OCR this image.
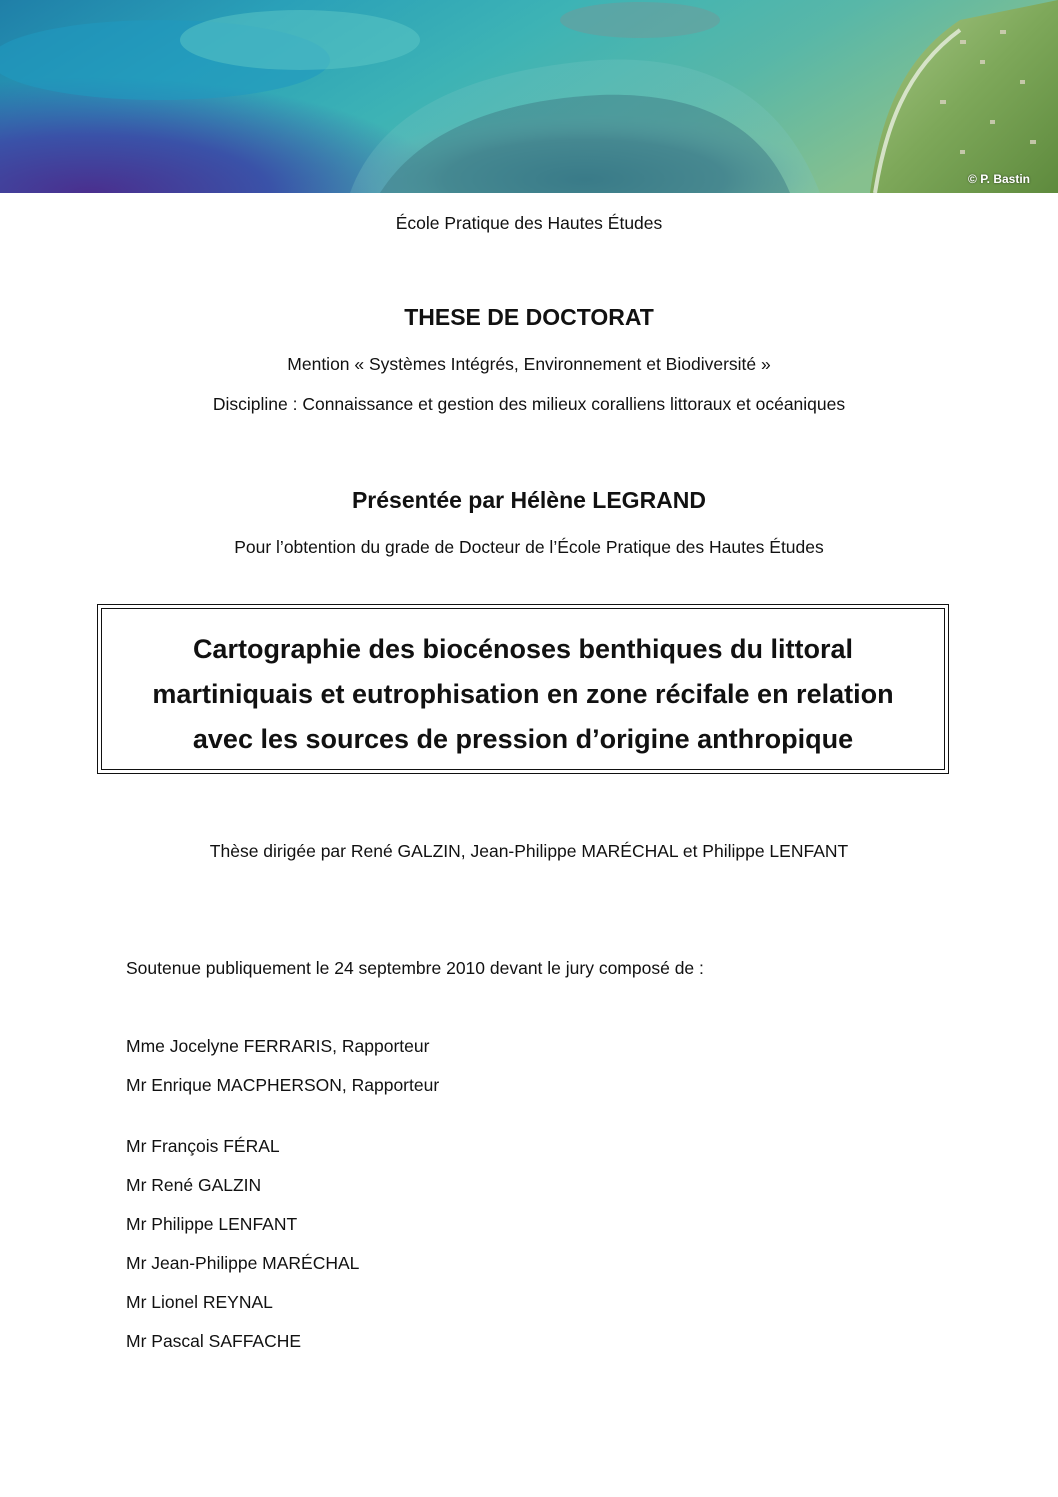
© P. Bastin
École Pratique des Hautes Études
THESE DE DOCTORAT
Mention « Systèmes Intégrés, Environnement et Biodiversité »
Discipline : Connaissance et gestion des milieux coralliens littoraux et océaniques
Présentée par Hélène LEGRAND
Pour l’obtention du grade de Docteur de l’École Pratique des Hautes Études
Cartographie des biocénoses benthiques du littoral
martiniquais et eutrophisation en zone récifale en relation
avec les sources de pression d’origine anthropique
Thèse dirigée par René GALZIN, Jean-Philippe MARÉCHAL et Philippe LENFANT
Soutenue publiquement le 24 septembre 2010 devant le jury composé de :
Mme Jocelyne FERRARIS, Rapporteur
Mr Enrique MACPHERSON, Rapporteur
Mr François FÉRAL
Mr René GALZIN
Mr Philippe LENFANT
Mr Jean-Philippe MARÉCHAL
Mr Lionel REYNAL
Mr Pascal SAFFACHE
